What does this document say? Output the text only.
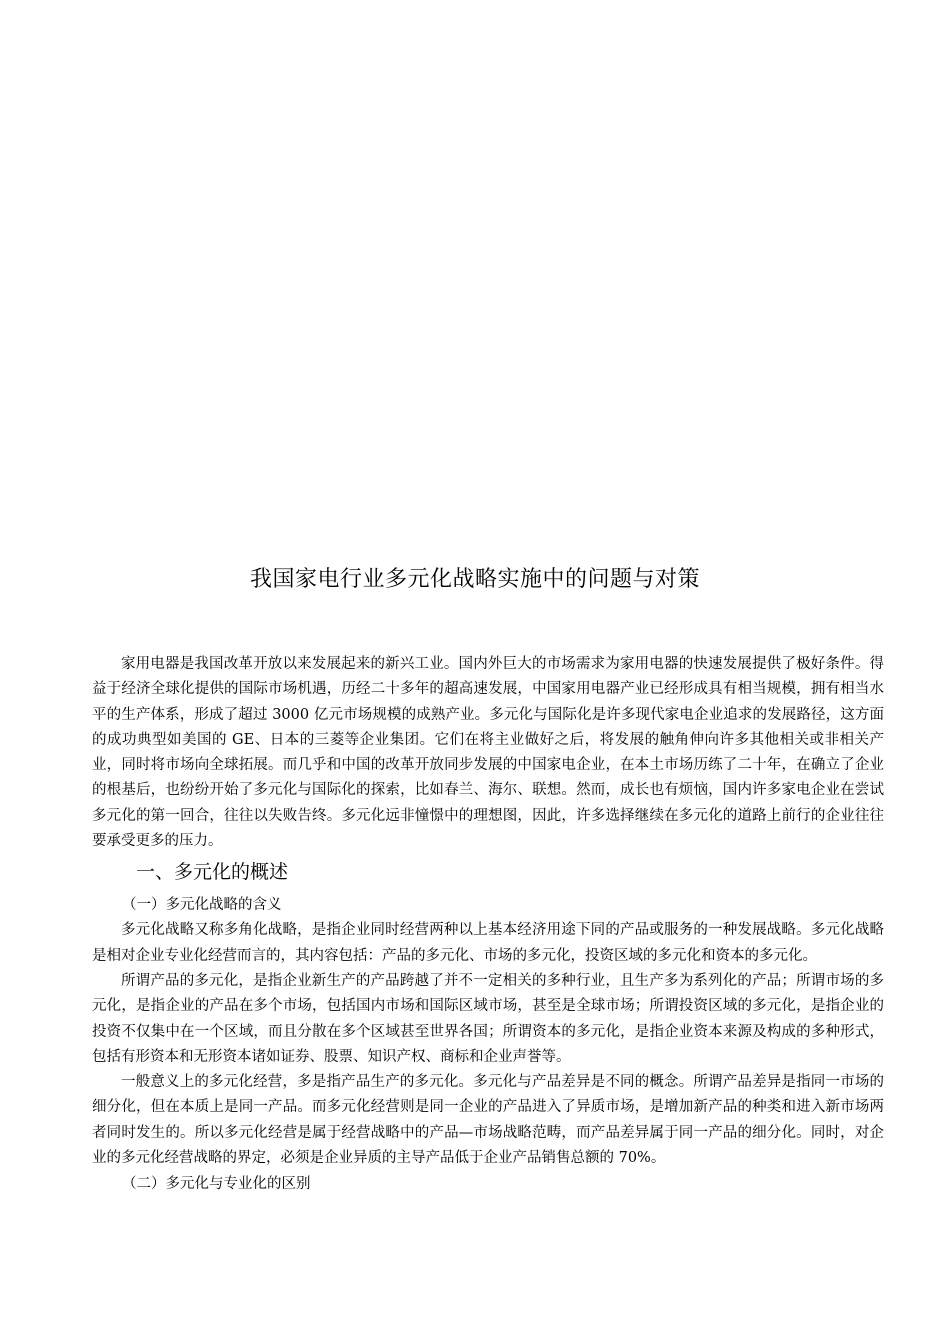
我国家电行业多元化战略实施中的问题与对策

家用电器是我国改革开放以来发展起来的新兴工业。国内外巨大的市场需求为家用电器的快速发展提供了极好条件。得益于经济全球化提供的国际市场机遇，历经二十多年的超高速发展，中国家用电器产业已经形成具有相当规模，拥有相当水平的生产体系，形成了超过 3000 亿元市场规模的成熟产业。多元化与国际化是许多现代家电企业追求的发展路径，这方面的成功典型如美国的 GE、日本的三菱等企业集团。它们在将主业做好之后，将发展的触角伸向许多其他相关或非相关产业，同时将市场向全球拓展。而几乎和中国的改革开放同步发展的中国家电企业，在本土市场历练了二十年，在确立了企业的根基后，也纷纷开始了多元化与国际化的探索，比如春兰、海尔、联想。然而，成长也有烦恼，国内许多家电企业在尝试多元化的第一回合，往往以失败告终。多元化远非憧憬中的理想图，因此，许多选择继续在多元化的道路上前行的企业往往要承受更多的压力。

一、多元化的概述
（一）多元化战略的含义

多元化战略又称多角化战略，是指企业同时经营两种以上基本经济用途下同的产品或服务的一种发展战略。多元化战略是相对企业专业化经营而言的，其内容包括：产品的多元化、市场的多元化，投资区域的多元化和资本的多元化。

所谓产品的多元化，是指企业新生产的产品跨越了并不一定相关的多种行业，且生产多为系列化的产品；所谓市场的多元化，是指企业的产品在多个市场，包括国内市场和国际区域市场，甚至是全球市场；所谓投资区域的多元化，是指企业的投资不仅集中在一个区域，而且分散在多个区域甚至世界各国；所谓资本的多元化，是指企业资本来源及构成的多种形式，包括有形资本和无形资本诸如证券、股票、知识产权、商标和企业声誉等。

一般意义上的多元化经营，多是指产品生产的多元化。多元化与产品差异是不同的概念。所谓产品差异是指同一市场的细分化，但在本质上是同一产品。而多元化经营则是同一企业的产品进入了异质市场，是增加新产品的种类和进入新市场两者同时发生的。所以多元化经营是属于经营战略中的产品—市场战略范畴，而产品差异属于同一产品的细分化。同时，对企业的多元化经营战略的界定，必须是企业异质的主导产品低于企业产品销售总额的 70%。

（二）多元化与专业化的区别
